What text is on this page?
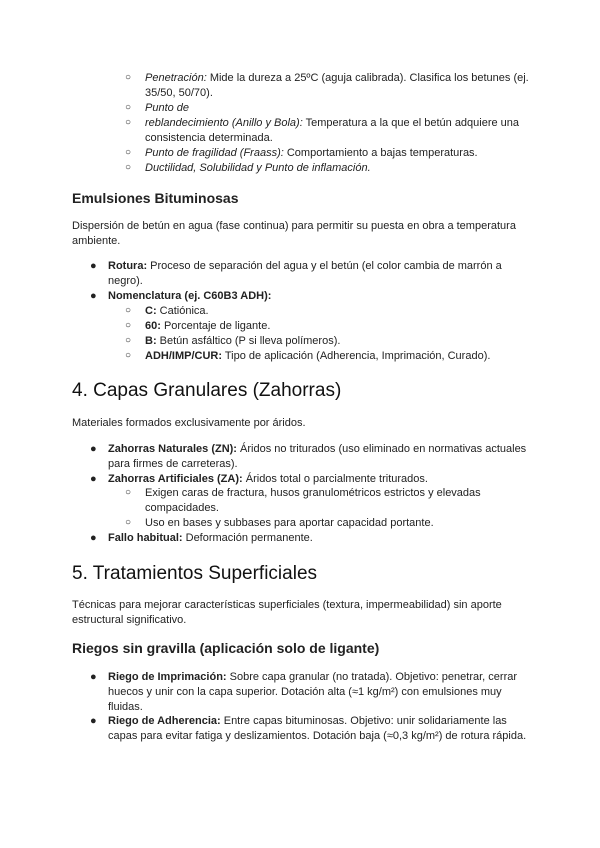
○ Penetración: Mide la dureza a 25ºC (aguja calibrada). Clasifica los betunes (ej. 35/50, 50/70).
○ Punto de
○ reblandecimiento (Anillo y Bola): Temperatura a la que el betún adquiere una consistencia determinada.
○ Punto de fragilidad (Fraass): Comportamiento a bajas temperaturas.
○ Ductilidad, Solubilidad y Punto de inflamación.
Emulsiones Bituminosas
Dispersión de betún en agua (fase continua) para permitir su puesta en obra a temperatura ambiente.
● Rotura: Proceso de separación del agua y el betún (el color cambia de marrón a negro).
● Nomenclatura (ej. C60B3 ADH):
○ C: Catiónica.
○ 60: Porcentaje de ligante.
○ B: Betún asfáltico (P si lleva polímeros).
○ ADH/IMP/CUR: Tipo de aplicación (Adherencia, Imprimación, Curado).
4. Capas Granulares (Zahorras)
Materiales formados exclusivamente por áridos.
● Zahorras Naturales (ZN): Áridos no triturados (uso eliminado en normativas actuales para firmes de carreteras).
● Zahorras Artificiales (ZA): Áridos total o parcialmente triturados.
○ Exigen caras de fractura, husos granulométricos estrictos y elevadas compacidades.
○ Uso en bases y subbases para aportar capacidad portante.
● Fallo habitual: Deformación permanente.
5. Tratamientos Superficiales
Técnicas para mejorar características superficiales (textura, impermeabilidad) sin aporte estructural significativo.
Riegos sin gravilla (aplicación solo de ligante)
● Riego de Imprimación: Sobre capa granular (no tratada). Objetivo: penetrar, cerrar huecos y unir con la capa superior. Dotación alta (≈1 kg/m²) con emulsiones muy fluidas.
● Riego de Adherencia: Entre capas bituminosas. Objetivo: unir solidariamente las capas para evitar fatiga y deslizamientos. Dotación baja (≈0,3 kg/m²) de rotura rápida.
